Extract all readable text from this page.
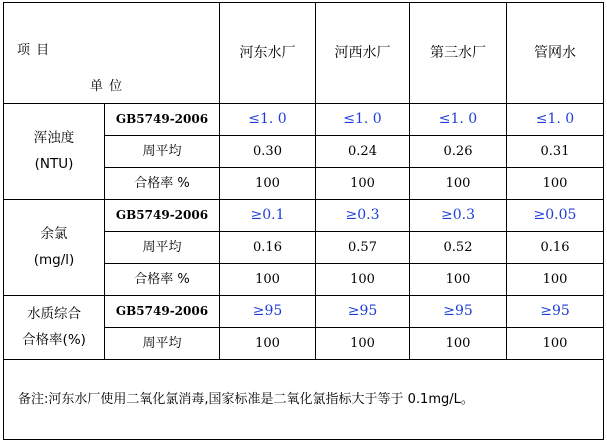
项 目
单 位		河东水厂	河西水厂	第三水厂	管网水

浑浊度
(NTU)	GB5749-2006	≤1. 0	≤1. 0	≤1. 0	≤1. 0
	周平均	0.30	0.24	0.26	0.31
	合格率 %	100	100	100	100

余氯
(mg/l)	GB5749-2006	≥0.1	≥0.3	≥0.3	≥0.05
	周平均	0.16	0.57	0.52	0.16
	合格率 %	100	100	100	100

水质综合
合格率(%)	GB5749-2006	≥95	≥95	≥95	≥95
	周平均	100	100	100	100
备注:河东水厂使用二氧化氯消毒,国家标准是二氧化氯指标大于等于 0.1mg/L。					
